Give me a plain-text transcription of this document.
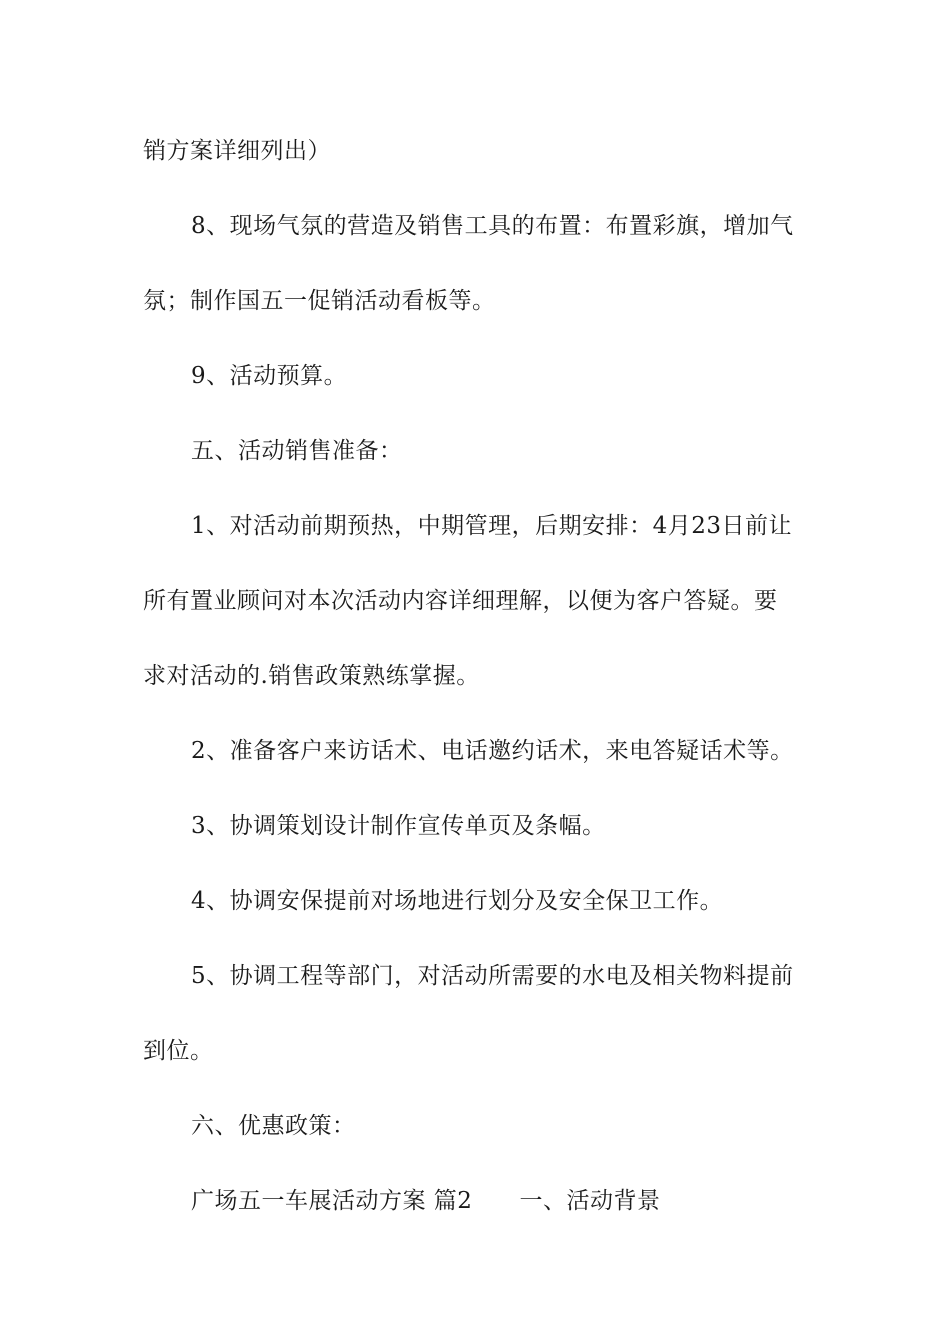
销方案详细列出）
8、现场气氛的营造及销售工具的布置：布置彩旗，增加气
氛；制作国五一促销活动看板等。
9、活动预算。
五、活动销售准备：
1、对活动前期预热，中期管理，后期安排：4月23日前让
所有置业顾问对本次活动内容详细理解，以便为客户答疑。要
求对活动的.销售政策熟练掌握。
2、准备客户来访话术、电话邀约话术，来电答疑话术等。
3、协调策划设计制作宣传单页及条幅。
4、协调安保提前对场地进行划分及安全保卫工作。
5、协调工程等部门，对活动所需要的水电及相关物料提前
到位。
六、优惠政策：
广场五一车展活动方案 篇2　　一、活动背景
